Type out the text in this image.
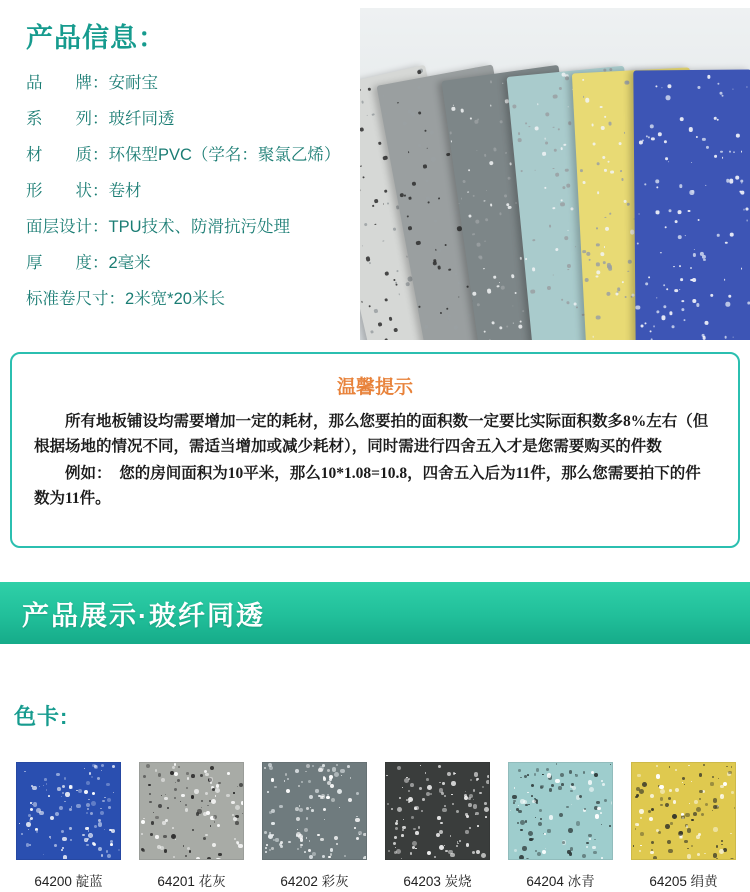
产品信息：
品　　牌：安耐宝
系　　列：玻纤同透
材　　质：环保型PVC（学名：聚氯乙烯）
形　　状：卷材
面层设计：TPU技术、防滑抗污处理
厚　　度：2毫米
标准卷尺寸：2米宽*20米长
温馨提示

所有地板铺设均需要增加一定的耗材，那么您要拍的面积数一定要比实际面积数多8%左右（但根据场地的情况不同，需适当增加或减少耗材），同时需进行四舍五入才是您需要购买的件数

例如：　您的房间面积为10平米，那么10*1.08=10.8，四舍五入后为11件，那么您需要拍下的件数为11件。

产品展示·玻纤同透
色卡:
64200 靛蓝	64201 花灰	64202 彩灰	64203 炭烧	64204 冰青	64205 绢黄
